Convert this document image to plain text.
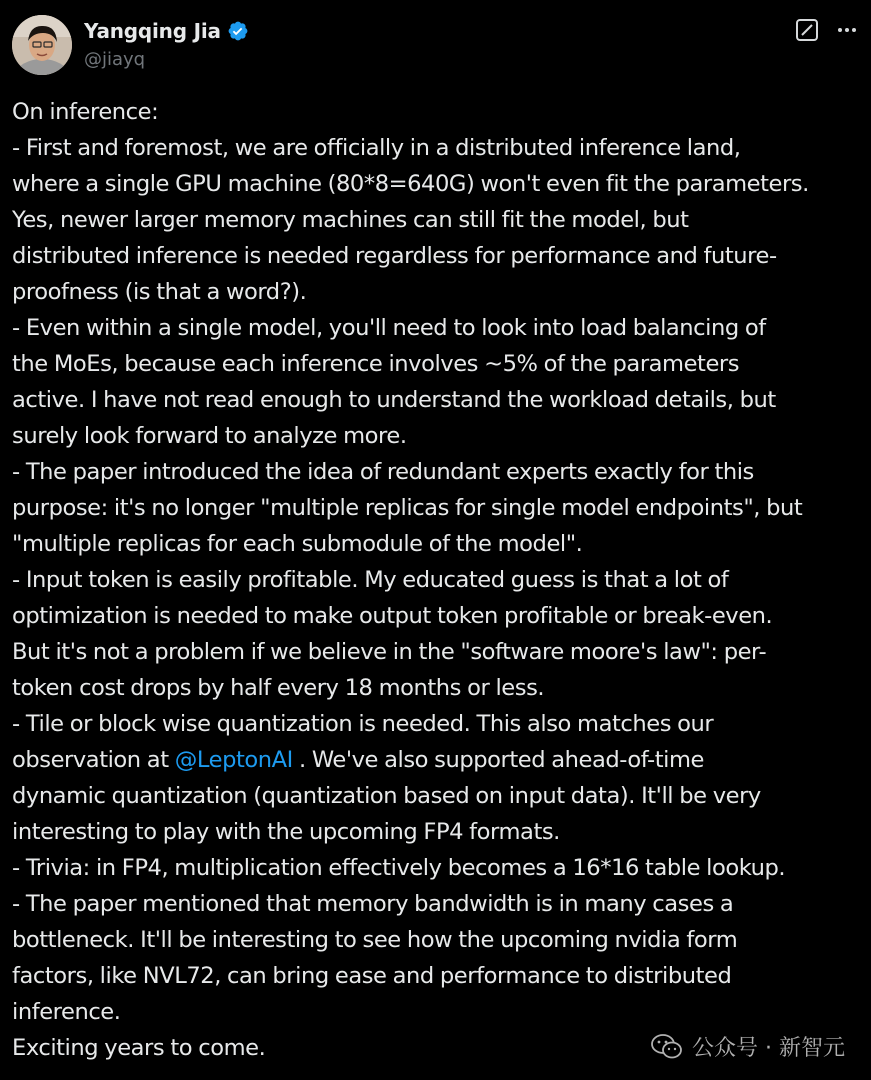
Yangqing Jia
@jiayq
On inference:
- First and foremost, we are officially in a distributed inference land,
where a single GPU machine (80*8=640G) won't even fit the parameters.
Yes, newer larger memory machines can still fit the model, but
distributed inference is needed regardless for performance and future-
proofness (is that a word?).
- Even within a single model, you'll need to look into load balancing of
the MoEs, because each inference involves ~5% of the parameters
active. I have not read enough to understand the workload details, but
surely look forward to analyze more.
- The paper introduced the idea of redundant experts exactly for this
purpose: it's no longer "multiple replicas for single model endpoints", but
"multiple replicas for each submodule of the model".
- Input token is easily profitable. My educated guess is that a lot of
optimization is needed to make output token profitable or break-even.
But it's not a problem if we believe in the "software moore's law": per-
token cost drops by half every 18 months or less.
- Tile or block wise quantization is needed. This also matches our
observation at @LeptonAI . We've also supported ahead-of-time
dynamic quantization (quantization based on input data). It'll be very
interesting to play with the upcoming FP4 formats.
- Trivia: in FP4, multiplication effectively becomes a 16*16 table lookup.
- The paper mentioned that memory bandwidth is in many cases a
bottleneck. It'll be interesting to see how the upcoming nvidia form
factors, like NVL72, can bring ease and performance to distributed
inference.
Exciting years to come.	公众号 · 新智元
